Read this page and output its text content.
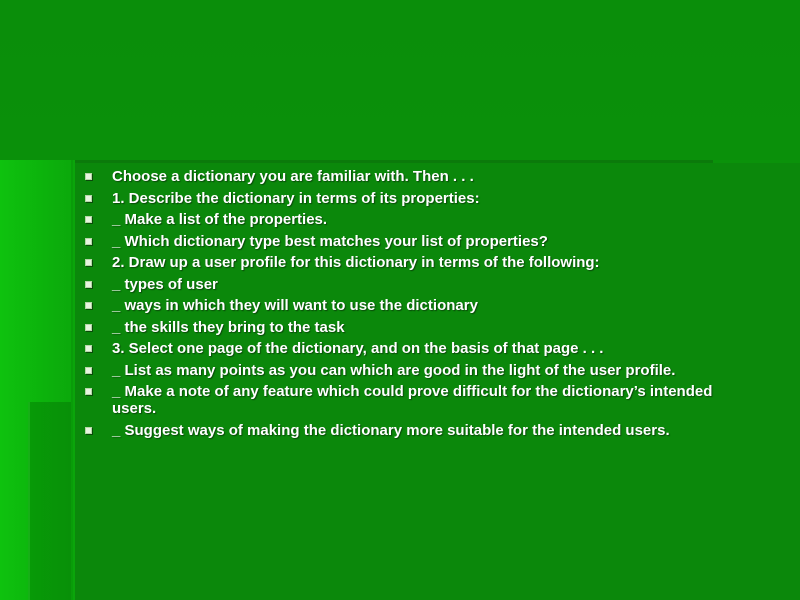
Choose a dictionary you are familiar with. Then . . .
1. Describe the dictionary in terms of its properties:
_ Make a list of the properties.
_ Which dictionary type best matches your list of properties?
2. Draw up a user profile for this dictionary in terms of the following:
_ types of user
_ ways in which they will want to use the dictionary
_ the skills they bring to the task
3. Select one page of the dictionary, and on the basis of that page . . .
_ List as many points as you can which are good in the light of the user profile.
_ Make a note of any feature which could prove difficult for the dictionary’s intended users.
_ Suggest ways of making the dictionary more suitable for the intended users.
